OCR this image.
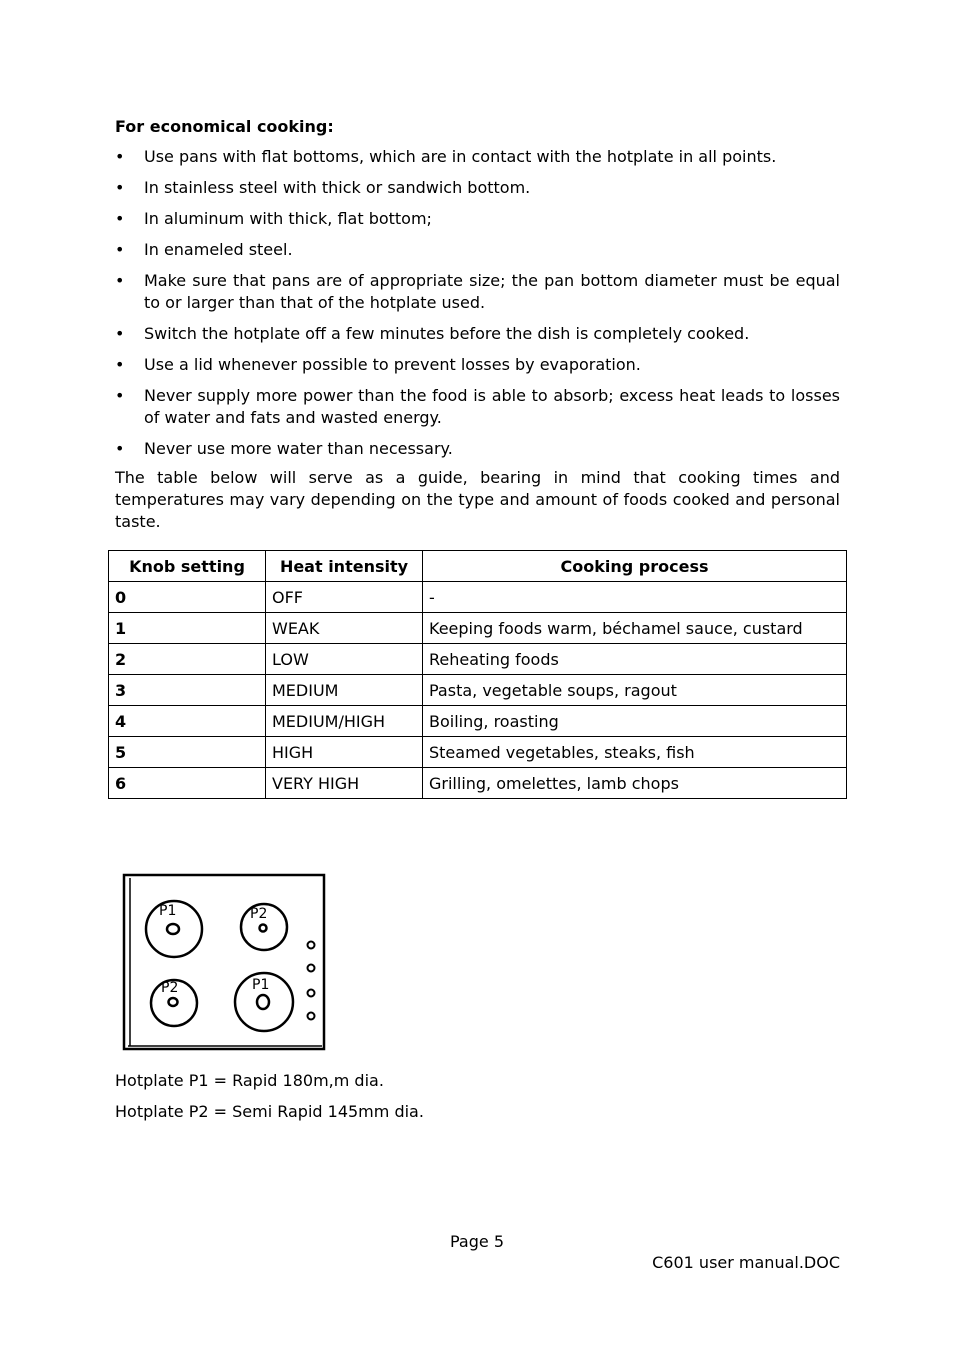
For economical cooking:
• Use pans with flat bottoms, which are in contact with the hotplate in all points.
• In stainless steel with thick or sandwich bottom.
• In aluminum with thick, flat bottom;
• In enameled steel.
• Make sure that pans are of appropriate size; the pan bottom diameter must be equal to or larger than that of the hotplate used.
• Switch the hotplate off a few minutes before the dish is completely cooked.
• Use a lid whenever possible to prevent losses by evaporation.
• Never supply more power than the food is able to absorb; excess heat leads to losses of water and fats and wasted energy.
• Never use more water than necessary.

The table below will serve as a guide, bearing in mind that cooking times and temperatures may vary depending on the type and amount of foods cooked and personal taste.

Knob setting	Heat intensity	Cooking process
0	OFF	-
1	WEAK	Keeping foods warm, béchamel sauce, custard
2	LOW	Reheating foods
3	MEDIUM	Pasta, vegetable soups, ragout
4	MEDIUM/HIGH	Boiling, roasting
5	HIGH	Steamed vegetables, steaks, fish
6	VERY HIGH	Grilling, omelettes, lamb chops
P1	P2
P2	P1
Hotplate P1 = Rapid 180m,m dia.
Hotplate P2 = Semi Rapid 145mm dia.
Page 5
C601 user manual.DOC
